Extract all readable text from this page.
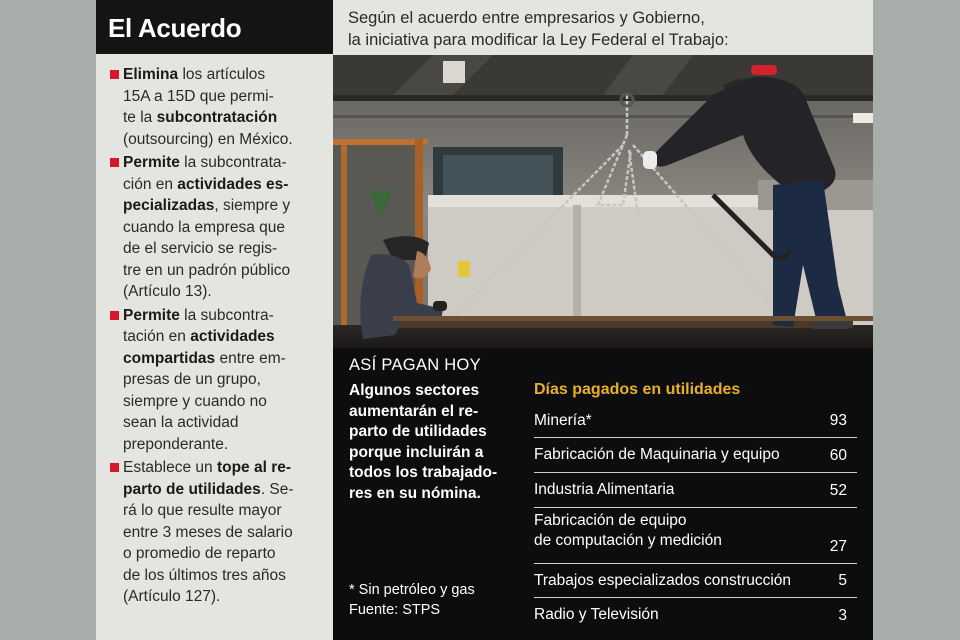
El Acuerdo
Elimina los artículos
15A a 15D que permi-
te la subcontratación
(outsourcing) en México.
Permite la subcontrata-
ción en actividades es-
pecializadas, siempre y
cuando la empresa que
de el servicio se regis-
tre en un padrón público
(Artículo 13).
Permite la subcontra-
tación en actividades
compartidas entre em-
presas de un grupo,
siempre y cuando no
sean la actividad
preponderante.
Establece un tope al re-
parto de utilidades. Se-
rá lo que resulte mayor
entre 3 meses de salario
o promedio de reparto
de los últimos tres años
(Artículo 127).
Según el acuerdo entre empresarios y Gobierno,
la iniciativa para modificar la Ley Federal el Trabajo:
ASÍ PAGAN HOY
Algunos sectores
aumentarán el re-
parto de utilidades
porque incluirán a
todos los trabajado-
res en su nómina.
* Sin petróleo y gas
Fuente: STPS
Días pagados en utilidades
Minería*	93
Fabricación de Maquinaria y equipo	60
Industria Alimentaria	52
Fabricación de equipo
de computación y medición	27
Trabajos especializados construcción	5
Radio y Televisión	3
